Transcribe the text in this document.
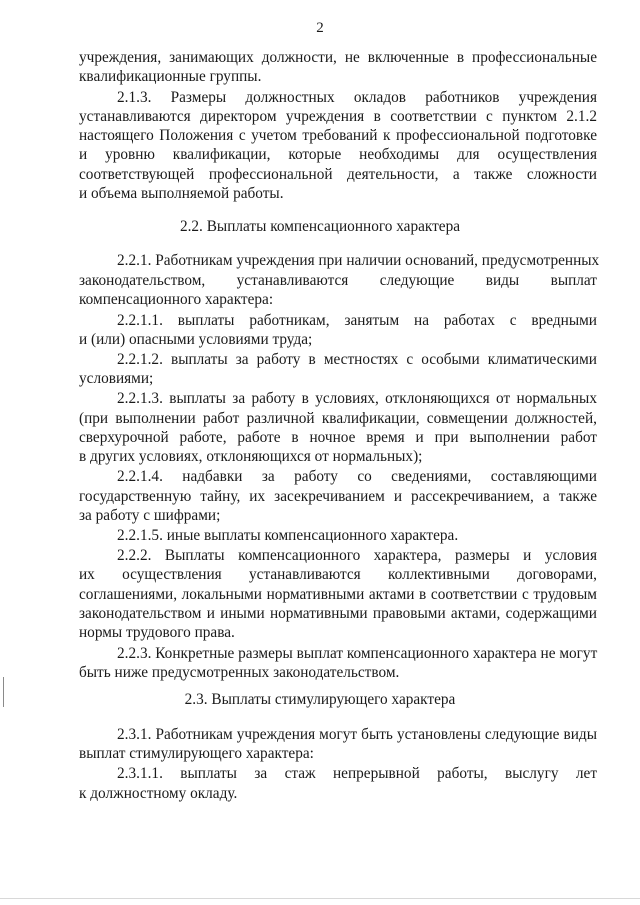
2
учреждения, занимающих должности, не включенные в профессиональные
квалификационные группы.
2.1.3. Размеры должностных окладов работников учреждения
устанавливаются директором учреждения в соответствии с пунктом 2.1.2
настоящего Положения с учетом требований к профессиональной подготовке
и уровню квалификации, которые необходимы для осуществления
соответствующей профессиональной деятельности, а также сложности
и объема выполняемой работы.
2.2. Выплаты компенсационного характера
2.2.1. Работникам учреждения при наличии оснований, предусмотренных
законодательством, устанавливаются следующие виды выплат
компенсационного характера:
2.2.1.1. выплаты работникам, занятым на работах с вредными
и (или) опасными условиями труда;
2.2.1.2. выплаты за работу в местностях с особыми климатическими
условиями;
2.2.1.3. выплаты за работу в условиях, отклоняющихся от нормальных
(при выполнении работ различной квалификации, совмещении должностей,
сверхурочной работе, работе в ночное время и при выполнении работ
в других условиях, отклоняющихся от нормальных);
2.2.1.4. надбавки за работу со сведениями, составляющими
государственную тайну, их засекречиванием и рассекречиванием, а также
за работу с шифрами;
2.2.1.5. иные выплаты компенсационного характера.
2.2.2. Выплаты компенсационного характера, размеры и условия
их осуществления устанавливаются коллективными договорами,
соглашениями, локальными нормативными актами в соответствии с трудовым
законодательством и иными нормативными правовыми актами, содержащими
нормы трудового права.
2.2.3. Конкретные размеры выплат компенсационного характера не могут
быть ниже предусмотренных законодательством.
2.3. Выплаты стимулирующего характера
2.3.1. Работникам учреждения могут быть установлены следующие виды
выплат стимулирующего характера:
2.3.1.1. выплаты за стаж непрерывной работы, выслугу лет
к должностному окладу.
